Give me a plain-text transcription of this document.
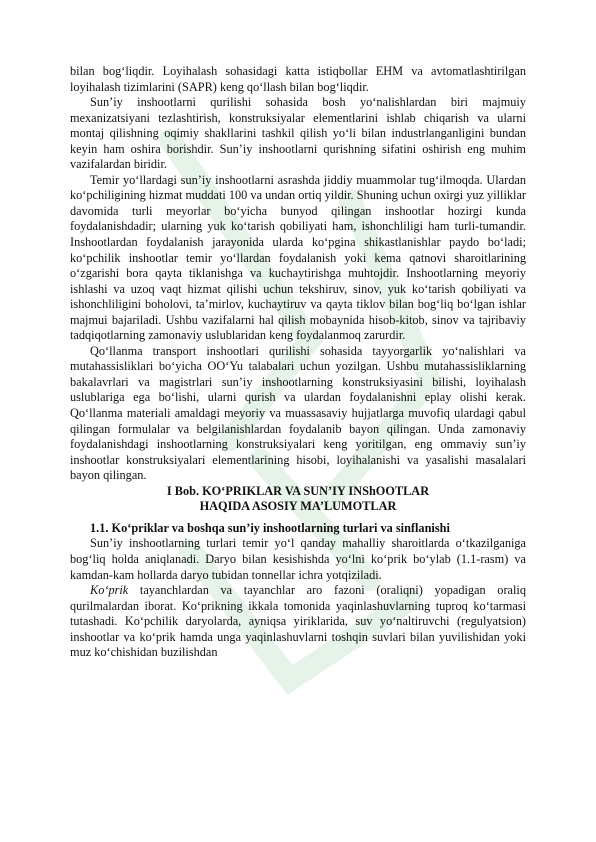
bilan bog‘liqdir. Loyihalash sohasidagi katta istiqbollar EHM va avtomatlashtirilgan loyihalash tizimlarini (SAPR) keng qo‘llash bilan bog‘liqdir.

Sun’iy inshootlarni qurilishi sohasida bosh yo‘nalishlardan biri majmuiy mexanizatsiyani tezlashtirish, konstruksiyalar elementlarini ishlab chiqarish va ularni montaj qilishning oqimiy shakllarini tashkil qilish yo‘li bilan industrlanganligini bundan keyin ham oshira borishdir. Sun’iy inshootlarni qurishning sifatini oshirish eng muhim vazifalardan biridir.

Temir yo‘llardagi sun’iy inshootlarni asrashda jiddiy muammolar tug‘ilmoqda. Ulardan ko‘pchiligining hizmat muddati 100 va undan ortiq yildir. Shuning uchun oxirgi yuz yilliklar davomida turli meyorlar bo‘yicha bunyod qilingan inshootlar hozirgi kunda foydalanishdadir; ularning yuk ko‘tarish qobiliyati ham, ishonchliligi ham turli-tumandir. Inshootlardan foydalanish jarayonida ularda ko‘pgina shikastlanishlar paydo bo‘ladi; ko‘pchilik inshootlar temir yo‘llardan foydalanish yoki kema qatnovi sharoitlarining o‘zgarishi bora qayta tiklanishga va kuchaytirishga muhtojdir. Inshootlarning meyoriy ishlashi va uzoq vaqt hizmat qilishi uchun tekshiruv, sinov, yuk ko‘tarish qobiliyati va ishonchliligini boholovi, ta’mirlov, kuchaytiruv va qayta tiklov bilan bog‘liq bo‘lgan ishlar majmui bajariladi. Ushbu vazifalarni hal qilish mobaynida hisob-kitob, sinov va tajribaviy tadqiqotlarning zamonaviy uslublaridan keng foydalanmoq zarurdir.

Qo‘llanma transport inshootlari qurilishi sohasida tayyorgarlik yo‘nalishlari va mutahassisliklari bo‘yicha OO‘Yu talabalari uchun yozilgan. Ushbu mutahassisliklarning bakalavrlari va magistrlari sun’iy inshootlarning konstruksiyasini bilishi, loyihalash uslublariga ega bo‘lishi, ularni qurish va ulardan foydalanishni eplay olishi kerak. Qo‘llanma materiali amaldagi meyoriy va muassasaviy hujjatlarga muvofiq ulardagi qabul qilingan formulalar va belgilanishlardan foydalanib bayon qilingan. Unda zamonaviy foydalanishdagi inshootlarning konstruksiyalari keng yoritilgan, eng ommaviy sun’iy inshootlar konstruksiyalari elementlarining hisobi, loyihalanishi va yasalishi masalalari bayon qilingan.

I Bob. KO‘PRIKLAR VA SUN’IY INShOOTLAR
HAQIDA ASOSIY MA’LUMOTLAR
1.1. Ko‘priklar va boshqa sun’iy inshootlarning turlari va sinflanishi

Sun’iy inshootlarning turlari temir yo‘l qanday mahalliy sharoitlarda o‘tkazilganiga bog‘liq holda aniqlanadi. Daryo bilan kesishishda yo‘lni ko‘prik bo‘ylab (1.1-rasm) va kamdan-kam hollarda daryo tubidan tonnellar ichra yotqiziladi.

Ko‘prik tayanchlardan va tayanchlar aro fazoni (oraliqni) yopadigan oraliq qurilmalardan iborat. Ko‘prikning ikkala tomonida yaqinlashuvlarning tuproq ko‘tarmasi tutashadi. Ko‘pchilik daryolarda, ayniqsa yiriklarida, suv yo‘naltiruvchi (regulyatsion) inshootlar va ko‘prik hamda unga yaqinlashuvlarni toshqin suvlari bilan yuvilishidan yoki muz ko‘chishidan buzilishdan
